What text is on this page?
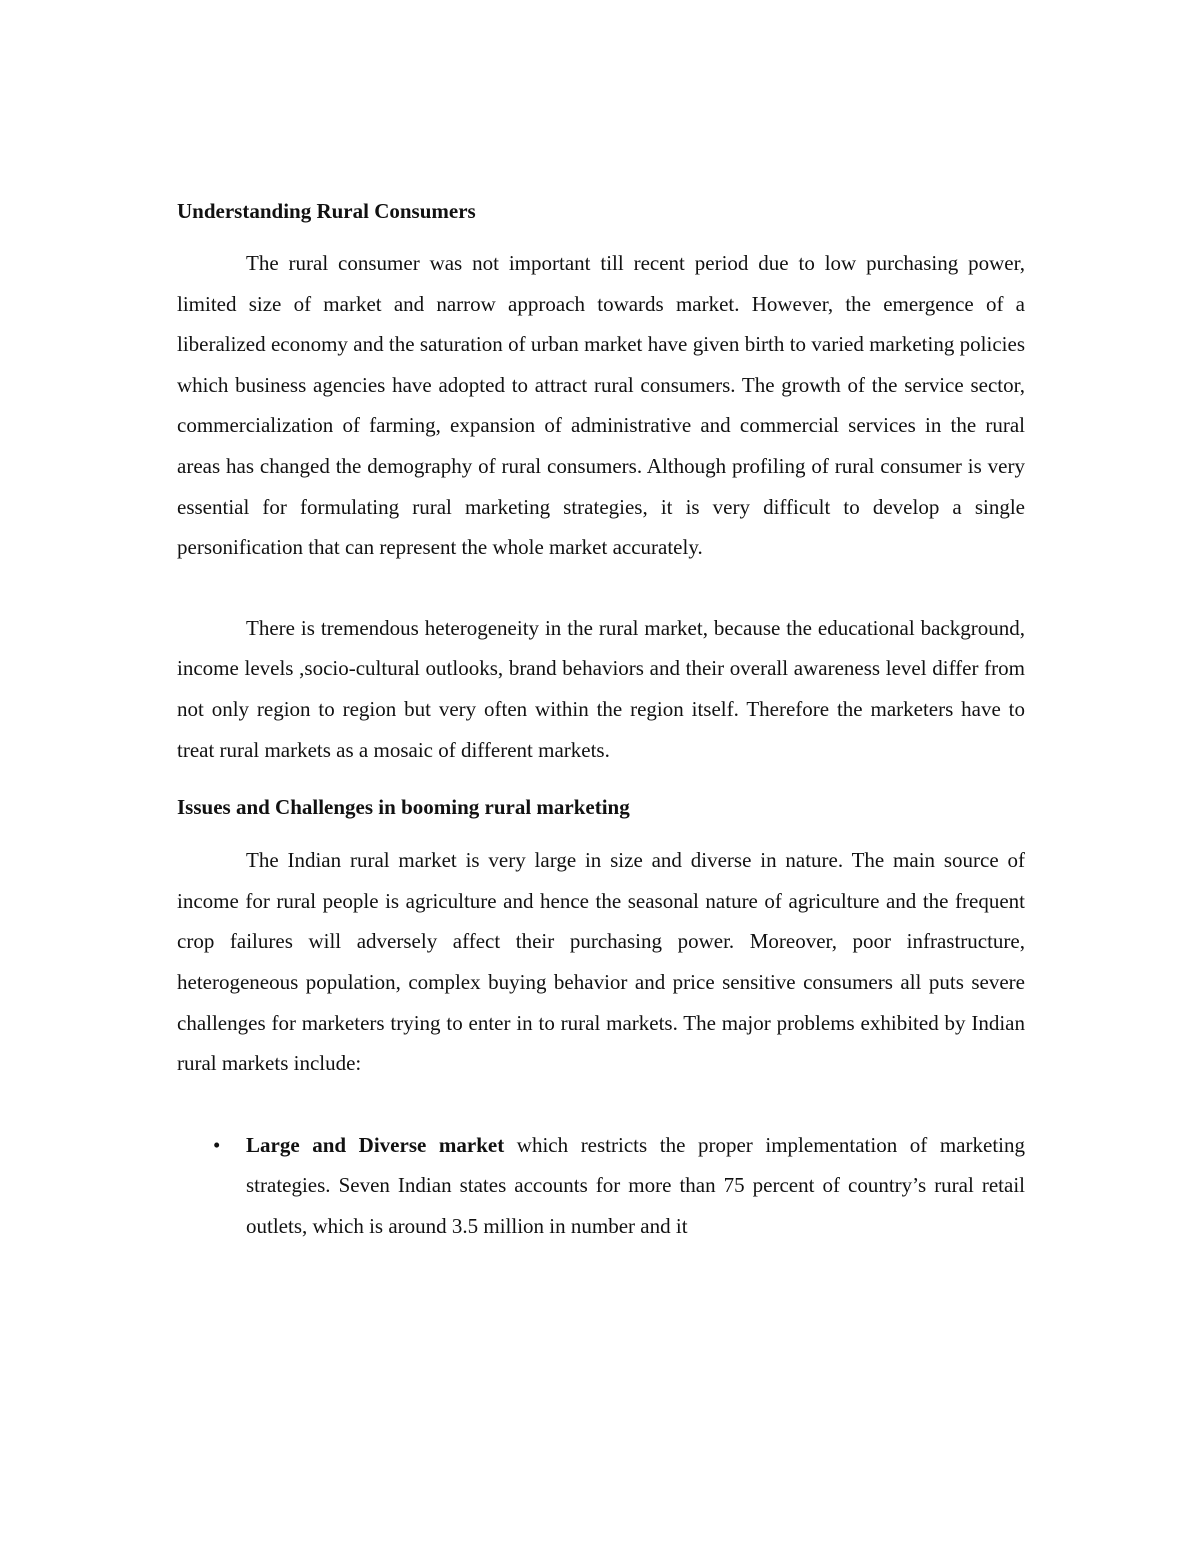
Understanding Rural Consumers

The rural consumer was not important till recent period due to low purchasing power, limited size of market and narrow approach towards market. However, the emergence of a liberalized economy and the saturation of urban market have given birth to varied marketing policies which business agencies have adopted to attract rural consumers. The growth of the service sector, commercialization of farming, expansion of administrative and commercial services in the rural areas has changed the demography of rural consumers. Although profiling of rural consumer is very essential for formulating rural marketing strategies, it is very difficult to develop a single personification that can represent the whole market accurately.

There is tremendous heterogeneity in the rural market, because the educational background, income levels ,socio-cultural outlooks, brand behaviors and their overall awareness level differ from not only region to region but very often within the region itself. Therefore the marketers have to treat rural markets as a mosaic of different markets.

Issues and Challenges in booming rural marketing

The Indian rural market is very large in size and diverse in nature. The main source of income for rural people is agriculture and hence the seasonal nature of agriculture and the frequent crop failures will adversely affect their purchasing power. Moreover, poor infrastructure, heterogeneous population, complex buying behavior and price sensitive consumers all puts severe challenges for marketers trying to enter in to rural markets. The major problems exhibited by Indian rural markets include:

• Large and Diverse market which restricts the proper implementation of marketing strategies. Seven Indian states accounts for more than 75 percent of country’s rural retail outlets, which is around 3.5 million in number and it
